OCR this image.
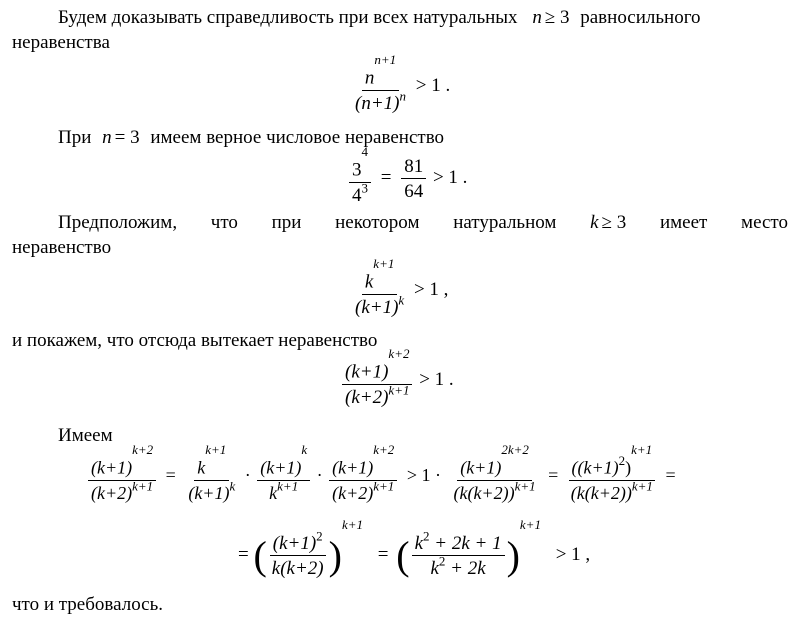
Будем доказывать справедливость при всех натуральных n ≥ 3 равносильного
неравенства
$\frac{n^{n+1}}{(n+1)^n} > 1$ .
При n = 3 имеем верное числовое неравенство
$\frac{3^4}{4^3} = \frac{81}{64} > 1$ .
Предположим, что при некотором натуральном k ≥ 3 имеет место
неравенство
$\frac{k^{k+1}}{(k+1)^k} > 1$ ,
и покажем, что отсюда вытекает неравенство
$\frac{(k+1)^{k+2}}{(k+2)^{k+1}} > 1$ .
Имеем
$\frac{(k+1)^{k+2}}{(k+2)^{k+1}} = \frac{k^{k+1}}{(k+1)^k} \cdot \frac{(k+1)^k}{k^{k+1}} \cdot \frac{(k+1)^{k+2}}{(k+2)^{k+1}} > 1 \cdot \frac{(k+1)^{2k+2}}{(k(k+2))^{k+1}} = \frac{((k+1)^2)^{k+1}}{(k(k+2))^{k+1}}$ =
= ( $\frac{(k+1)^2}{k(k+2)} )^{k+1}$ = ( $\frac{k^2 + 2k + 1}{k^2 + 2k} )^{k+1} > 1$ ,
что и требовалось.
